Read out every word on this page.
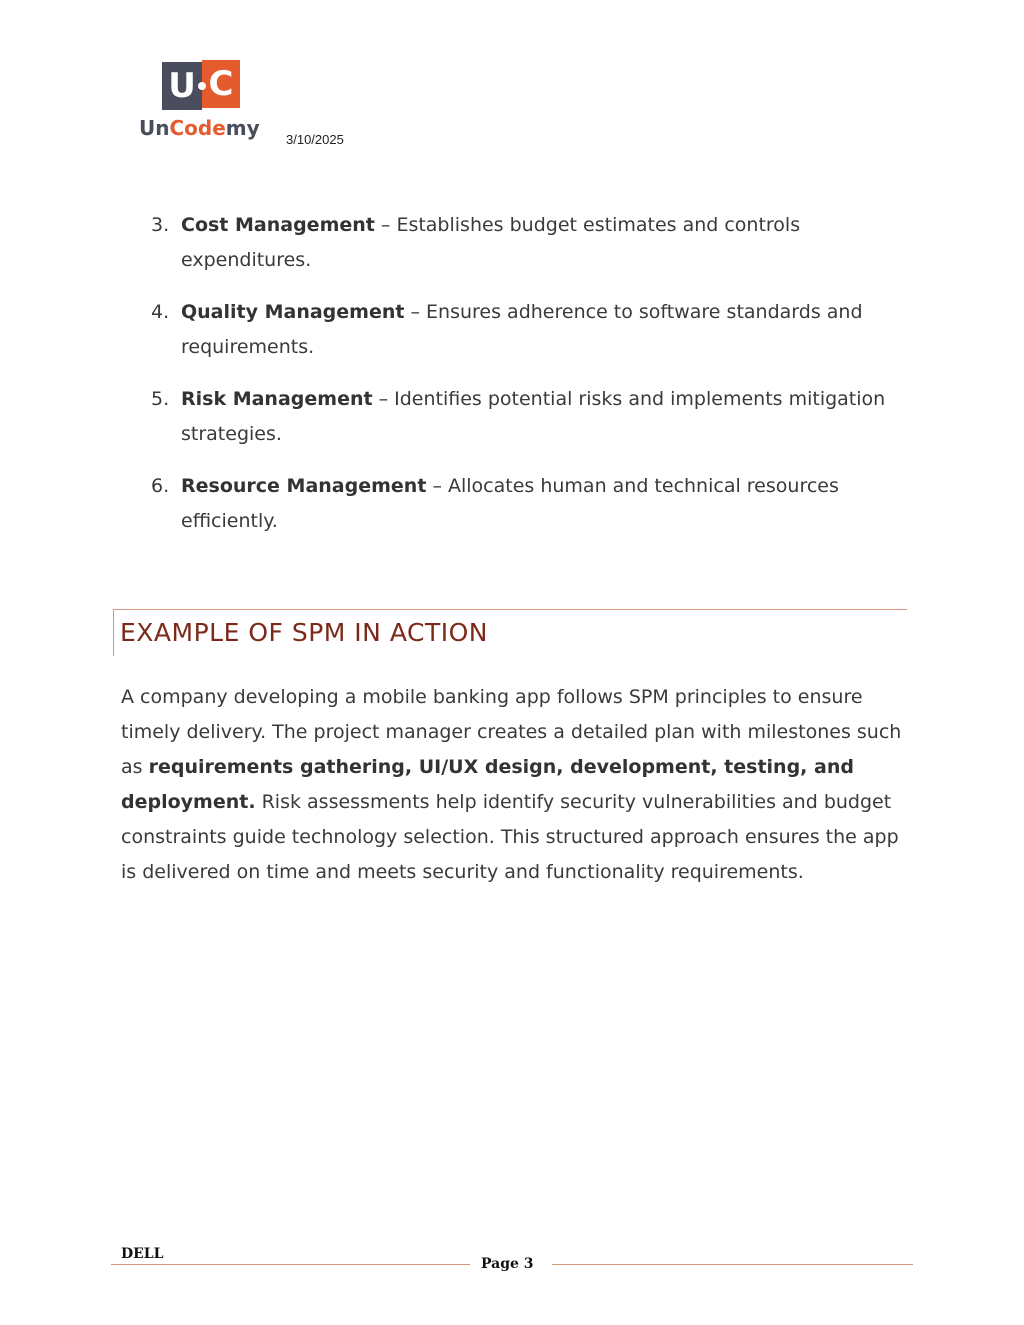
U C
UnCodemy 3/10/2025
3. Cost Management – Establishes budget estimates and controls expenditures.
4. Quality Management – Ensures adherence to software standards and requirements.
5. Risk Management – Identifies potential risks and implements mitigation strategies.
6. Resource Management – Allocates human and technical resources efficiently.
EXAMPLE OF SPM IN ACTION

A company developing a mobile banking app follows SPM principles to ensure timely delivery. The project manager creates a detailed plan with milestones such as requirements gathering, UI/UX design, development, testing, and deployment. Risk assessments help identify security vulnerabilities and budget constraints guide technology selection. This structured approach ensures the app is delivered on time and meets security and functionality requirements.

DELL
Page 3
